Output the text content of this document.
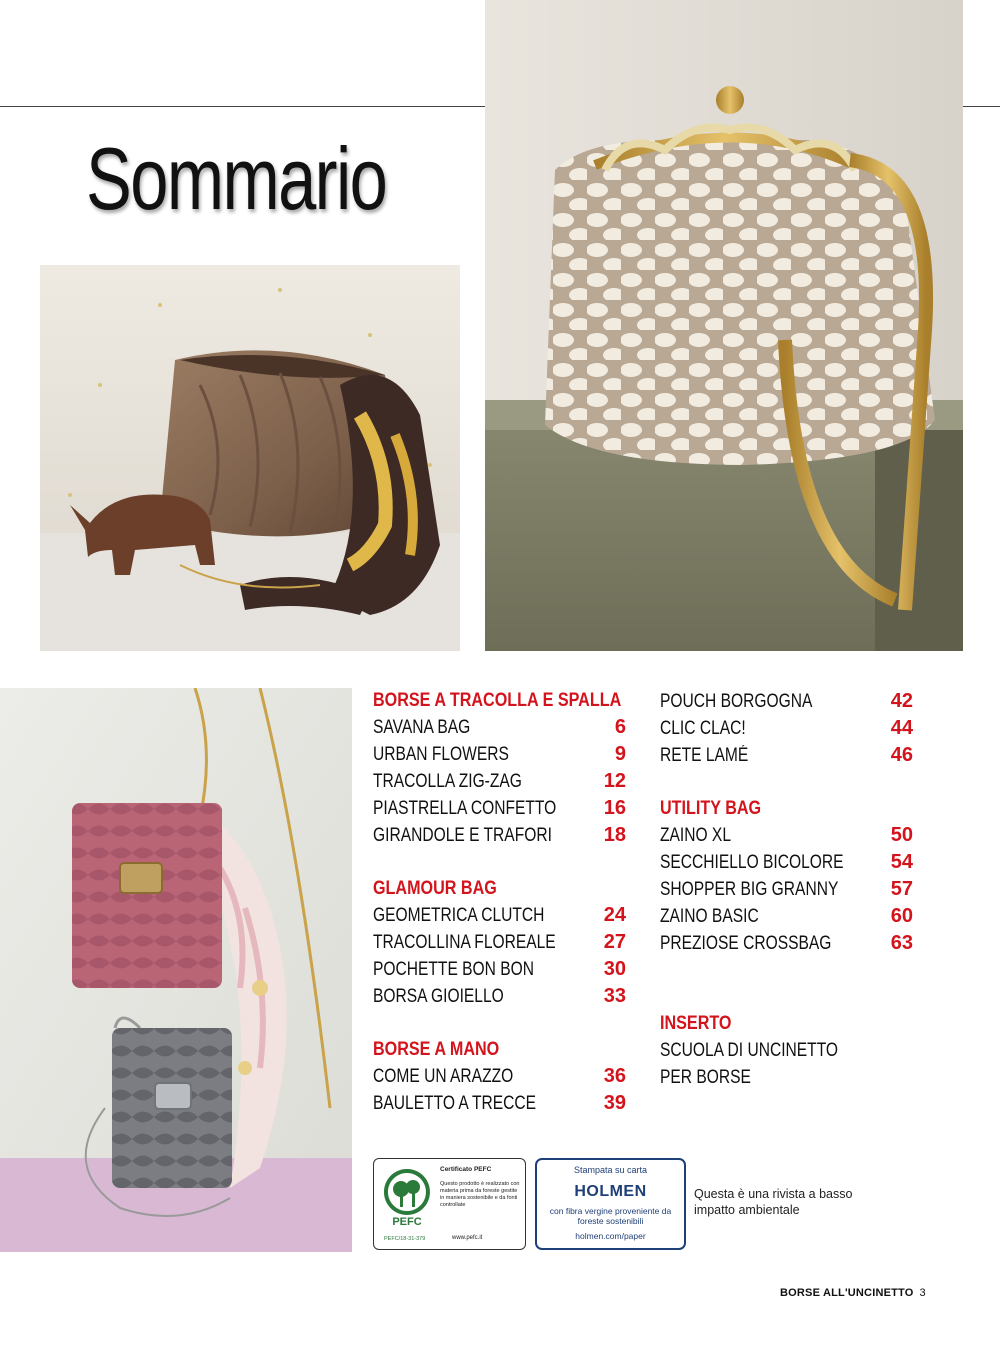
Sommario
BORSE A TRACOLLA E SPALLA
SAVANA BAG	6
URBAN FLOWERS	9
TRACOLLA ZIG-ZAG	12
PIASTRELLA CONFETTO 16
GIRANDOLE E TRAFORI	18
GLAMOUR BAG
GEOMETRICA CLUTCH	24
TRACOLLINA FLOREALE 27
POCHETTE BON BON	30
BORSA GIOIELLO	33
BORSE A MANO
COME UN ARAZZO	36
BAULETTO A TRECCE	39
POUCH BORGOGNA	42
CLIC CLAC!	44
RETE LAMÉ	46
UTILITY BAG
ZAINO XL	50
SECCHIELLO BICOLORE 54
SHOPPER BIG GRANNY	57
ZAINO BASIC	60
PREZIOSE CROSSBAG	63
INSERTO
SCUOLA DI UNCINETTO
PER BORSE
PEFC
PEFC/18-31-379
Certificato PEFC
Questo prodotto è realizzato con materia prima da foreste gestite in maniera sostenibile e da fonti controllate
www.pefc.it
Stampata su carta
HOLMEN
con fibra vergine proveniente da foreste sostenibili
holmen.com/paper
Questa è una rivista a basso impatto ambientale
BORSE ALL'UNCINETTO 3
